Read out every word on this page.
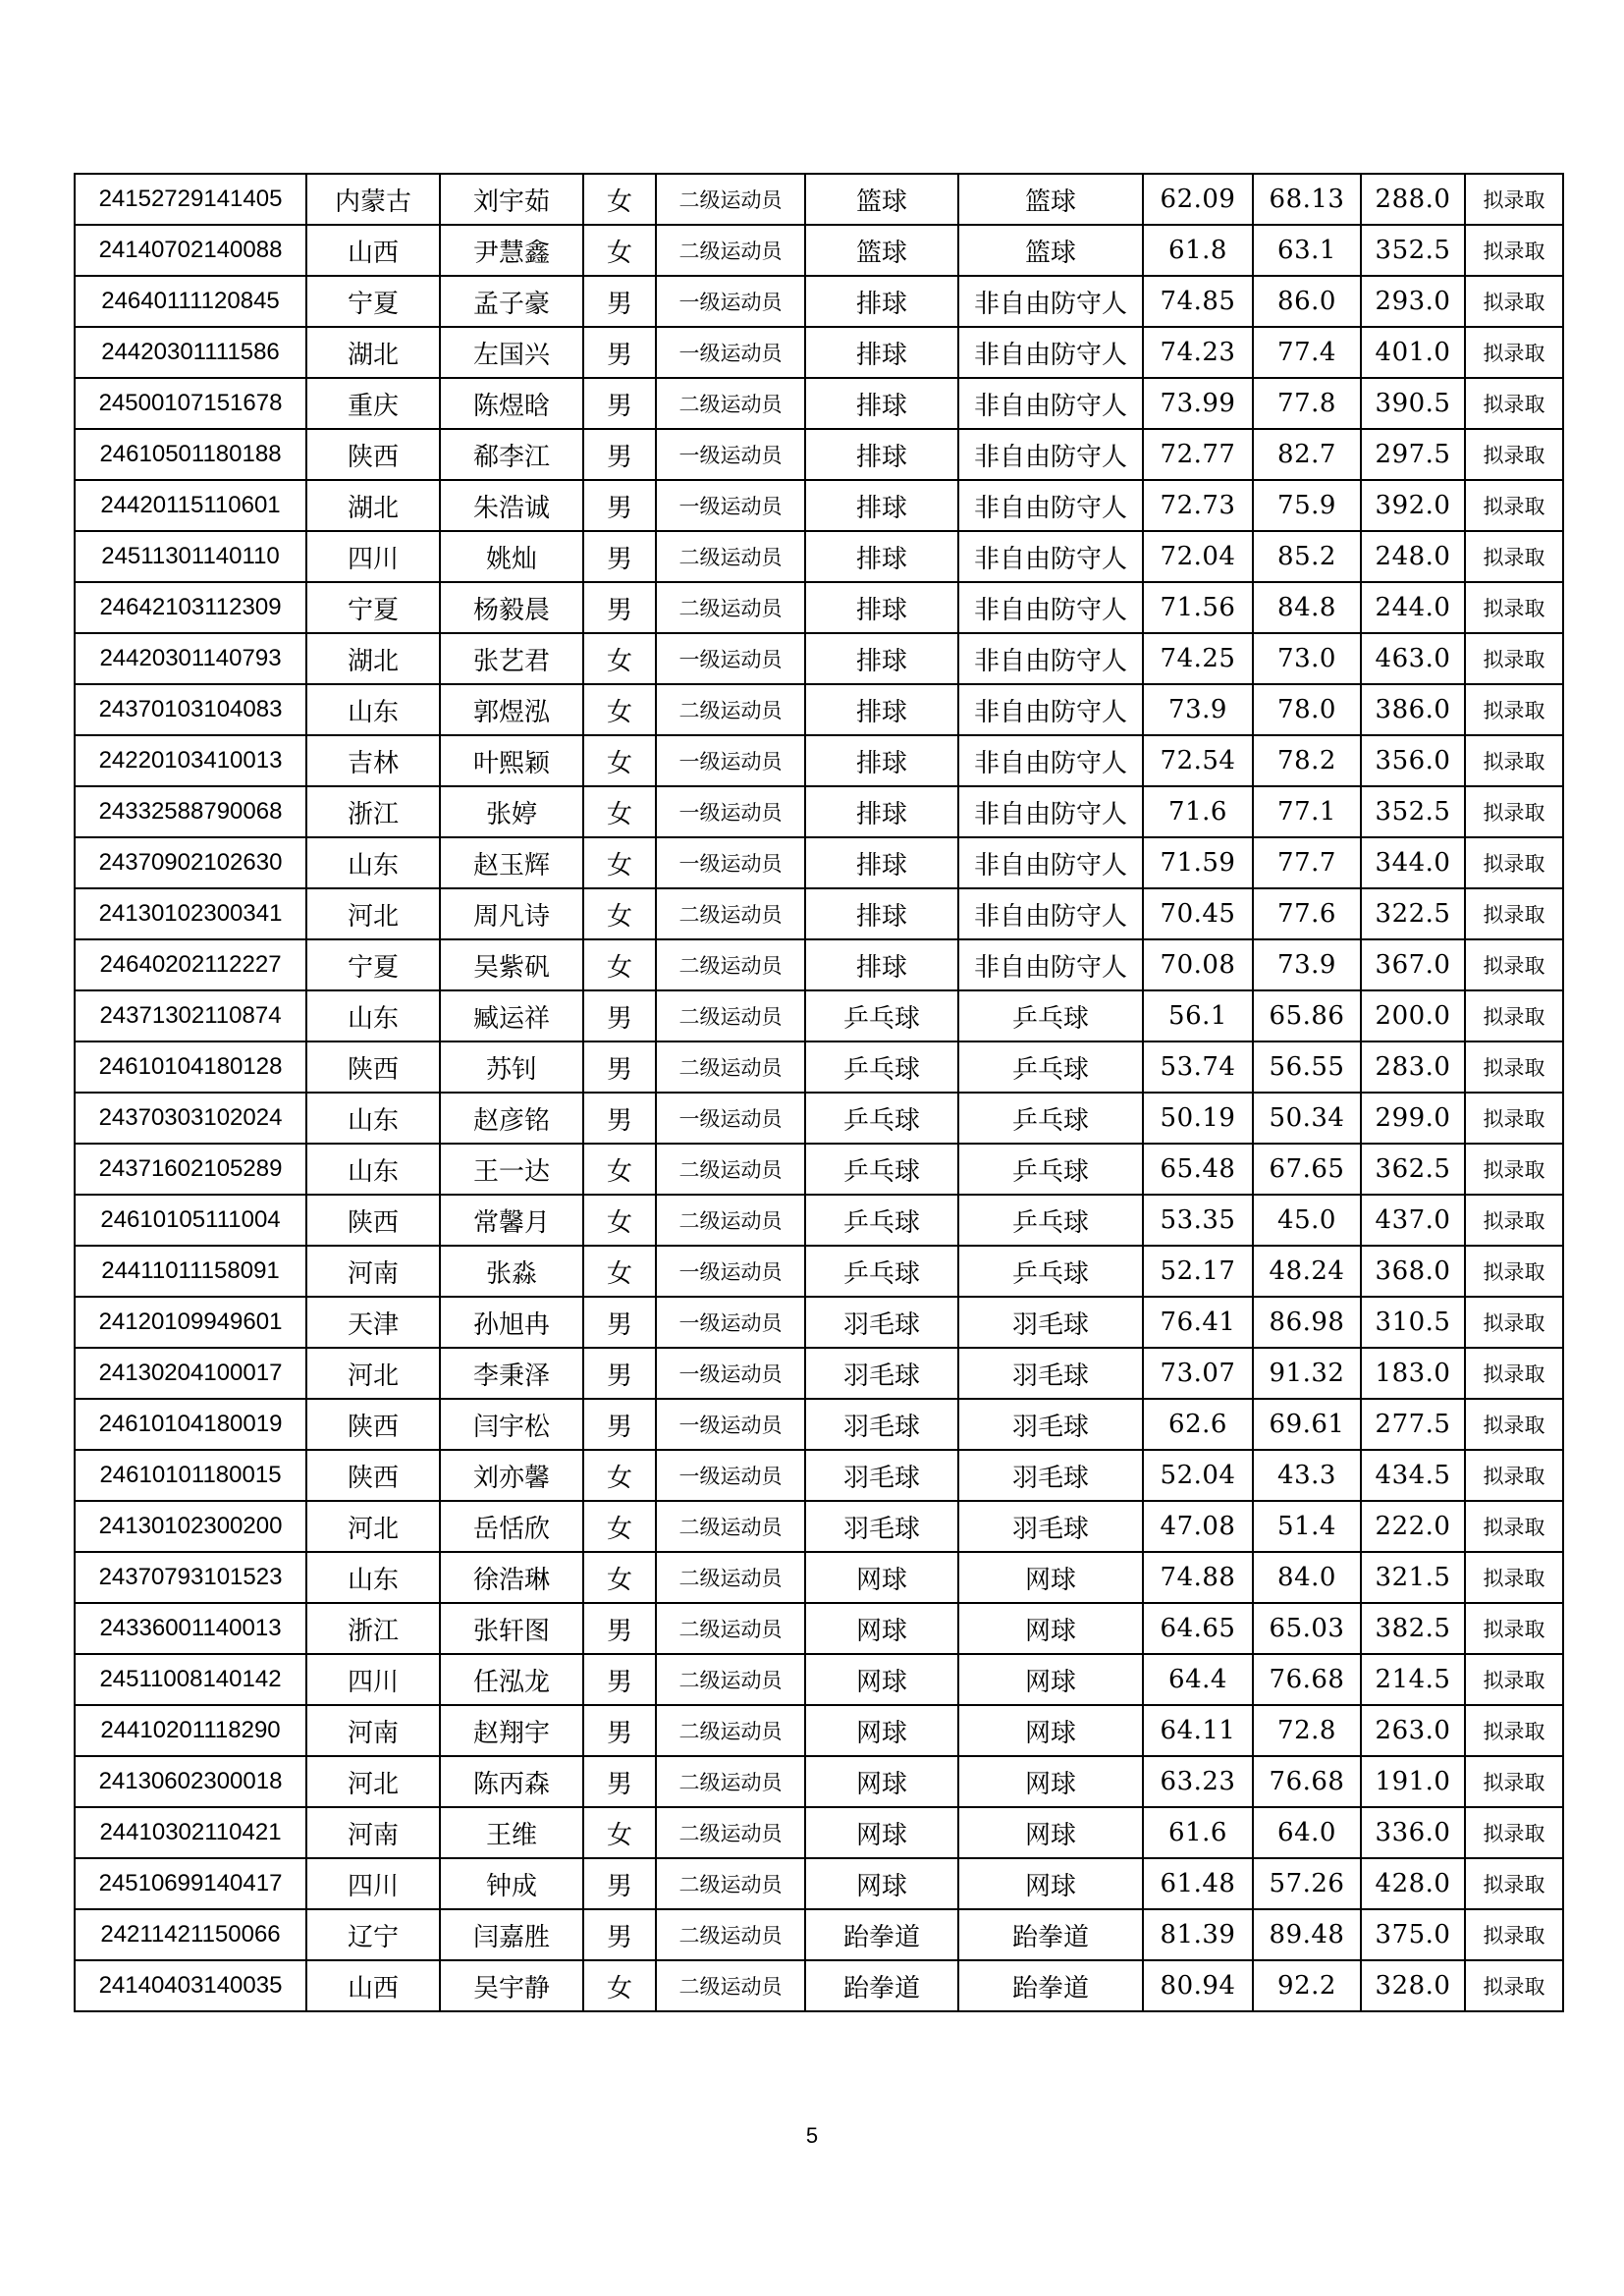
24152729141405	内蒙古	刘宇茹	女	二级运动员	篮球	篮球	62.09	68.13	288.0	拟录取
24140702140088	山西	尹慧鑫	女	二级运动员	篮球	篮球	61.8	63.1	352.5	拟录取
24640111120845	宁夏	孟子豪	男	一级运动员	排球	非自由防守人	74.85	86.0	293.0	拟录取
24420301111586	湖北	左国兴	男	一级运动员	排球	非自由防守人	74.23	77.4	401.0	拟录取
24500107151678	重庆	陈煜晗	男	二级运动员	排球	非自由防守人	73.99	77.8	390.5	拟录取
24610501180188	陕西	郗李江	男	一级运动员	排球	非自由防守人	72.77	82.7	297.5	拟录取
24420115110601	湖北	朱浩诚	男	一级运动员	排球	非自由防守人	72.73	75.9	392.0	拟录取
24511301140110	四川	姚灿	男	二级运动员	排球	非自由防守人	72.04	85.2	248.0	拟录取
24642103112309	宁夏	杨毅晨	男	二级运动员	排球	非自由防守人	71.56	84.8	244.0	拟录取
24420301140793	湖北	张艺君	女	一级运动员	排球	非自由防守人	74.25	73.0	463.0	拟录取
24370103104083	山东	郭煜泓	女	二级运动员	排球	非自由防守人	73.9	78.0	386.0	拟录取
24220103410013	吉林	叶熙颖	女	一级运动员	排球	非自由防守人	72.54	78.2	356.0	拟录取
24332588790068	浙江	张婷	女	一级运动员	排球	非自由防守人	71.6	77.1	352.5	拟录取
24370902102630	山东	赵玉辉	女	一级运动员	排球	非自由防守人	71.59	77.7	344.0	拟录取
24130102300341	河北	周凡诗	女	二级运动员	排球	非自由防守人	70.45	77.6	322.5	拟录取
24640202112227	宁夏	吴紫矾	女	二级运动员	排球	非自由防守人	70.08	73.9	367.0	拟录取
24371302110874	山东	臧运祥	男	二级运动员	乒乓球	乒乓球	56.1	65.86	200.0	拟录取
24610104180128	陕西	苏钊	男	二级运动员	乒乓球	乒乓球	53.74	56.55	283.0	拟录取
24370303102024	山东	赵彦铭	男	一级运动员	乒乓球	乒乓球	50.19	50.34	299.0	拟录取
24371602105289	山东	王一达	女	二级运动员	乒乓球	乒乓球	65.48	67.65	362.5	拟录取
24610105111004	陕西	常馨月	女	二级运动员	乒乓球	乒乓球	53.35	45.0	437.0	拟录取
24411011158091	河南	张淼	女	一级运动员	乒乓球	乒乓球	52.17	48.24	368.0	拟录取
24120109949601	天津	孙旭冉	男	一级运动员	羽毛球	羽毛球	76.41	86.98	310.5	拟录取
24130204100017	河北	李秉泽	男	一级运动员	羽毛球	羽毛球	73.07	91.32	183.0	拟录取
24610104180019	陕西	闫宇松	男	一级运动员	羽毛球	羽毛球	62.6	69.61	277.5	拟录取
24610101180015	陕西	刘亦馨	女	一级运动员	羽毛球	羽毛球	52.04	43.3	434.5	拟录取
24130102300200	河北	岳恬欣	女	二级运动员	羽毛球	羽毛球	47.08	51.4	222.0	拟录取
24370793101523	山东	徐浩琳	女	二级运动员	网球	网球	74.88	84.0	321.5	拟录取
24336001140013	浙江	张轩图	男	二级运动员	网球	网球	64.65	65.03	382.5	拟录取
24511008140142	四川	任泓龙	男	二级运动员	网球	网球	64.4	76.68	214.5	拟录取
24410201118290	河南	赵翔宇	男	二级运动员	网球	网球	64.11	72.8	263.0	拟录取
24130602300018	河北	陈丙森	男	二级运动员	网球	网球	63.23	76.68	191.0	拟录取
24410302110421	河南	王维	女	二级运动员	网球	网球	61.6	64.0	336.0	拟录取
24510699140417	四川	钟成	男	二级运动员	网球	网球	61.48	57.26	428.0	拟录取
24211421150066	辽宁	闫嘉胜	男	二级运动员	跆拳道	跆拳道	81.39	89.48	375.0	拟录取
24140403140035	山西	吴宇静	女	二级运动员	跆拳道	跆拳道	80.94	92.2	328.0	拟录取
5
